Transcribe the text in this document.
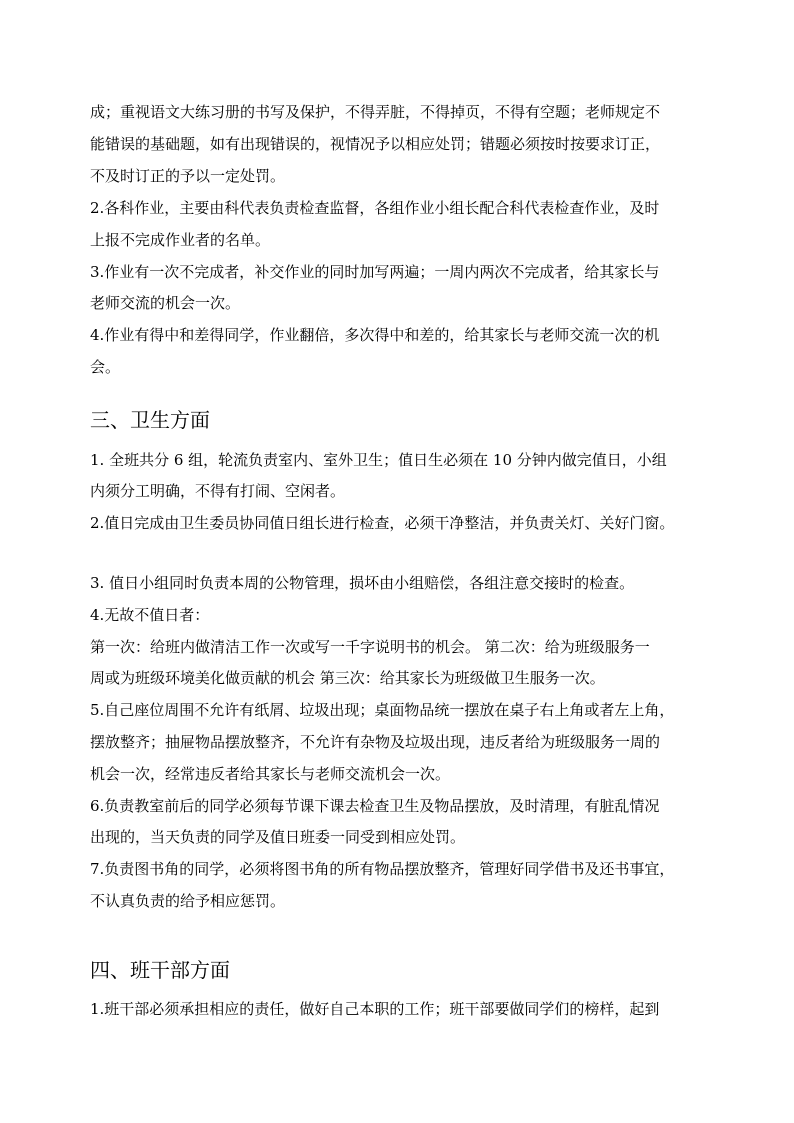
成；重视语文大练习册的书写及保护，不得弄脏，不得掉页，不得有空题；老师规定不
能错误的基础题，如有出现错误的，视情况予以相应处罚；错题必须按时按要求订正，
不及时订正的予以一定处罚。
2.各科作业，主要由科代表负责检查监督，各组作业小组长配合科代表检查作业，及时
上报不完成作业者的名单。
3.作业有一次不完成者，补交作业的同时加写两遍；一周内两次不完成者，给其家长与
老师交流的机会一次。
4.作业有得中和差得同学，作业翻倍，多次得中和差的，给其家长与老师交流一次的机
会。
三、卫生方面
1. 全班共分 6 组，轮流负责室内、室外卫生；值日生必须在 10 分钟内做完值日，小组
内须分工明确，不得有打闹、空闲者。
2.值日完成由卫生委员协同值日组长进行检查，必须干净整洁，并负责关灯、关好门窗。
3. 值日小组同时负责本周的公物管理，损坏由小组赔偿，各组注意交接时的检查。
4.无故不值日者：
第一次：给班内做清洁工作一次或写一千字说明书的机会。 第二次：给为班级服务一
周或为班级环境美化做贡献的机会 第三次：给其家长为班级做卫生服务一次。
5.自己座位周围不允许有纸屑、垃圾出现；桌面物品统一摆放在桌子右上角或者左上角，
摆放整齐；抽屉物品摆放整齐，不允许有杂物及垃圾出现，违反者给为班级服务一周的
机会一次，经常违反者给其家长与老师交流机会一次。
6.负责教室前后的同学必须每节课下课去检查卫生及物品摆放，及时清理，有脏乱情况
出现的，当天负责的同学及值日班委一同受到相应处罚。
7.负责图书角的同学，必须将图书角的所有物品摆放整齐，管理好同学借书及还书事宜，
不认真负责的给予相应惩罚。
四、班干部方面
1.班干部必须承担相应的责任，做好自己本职的工作；班干部要做同学们的榜样，起到
